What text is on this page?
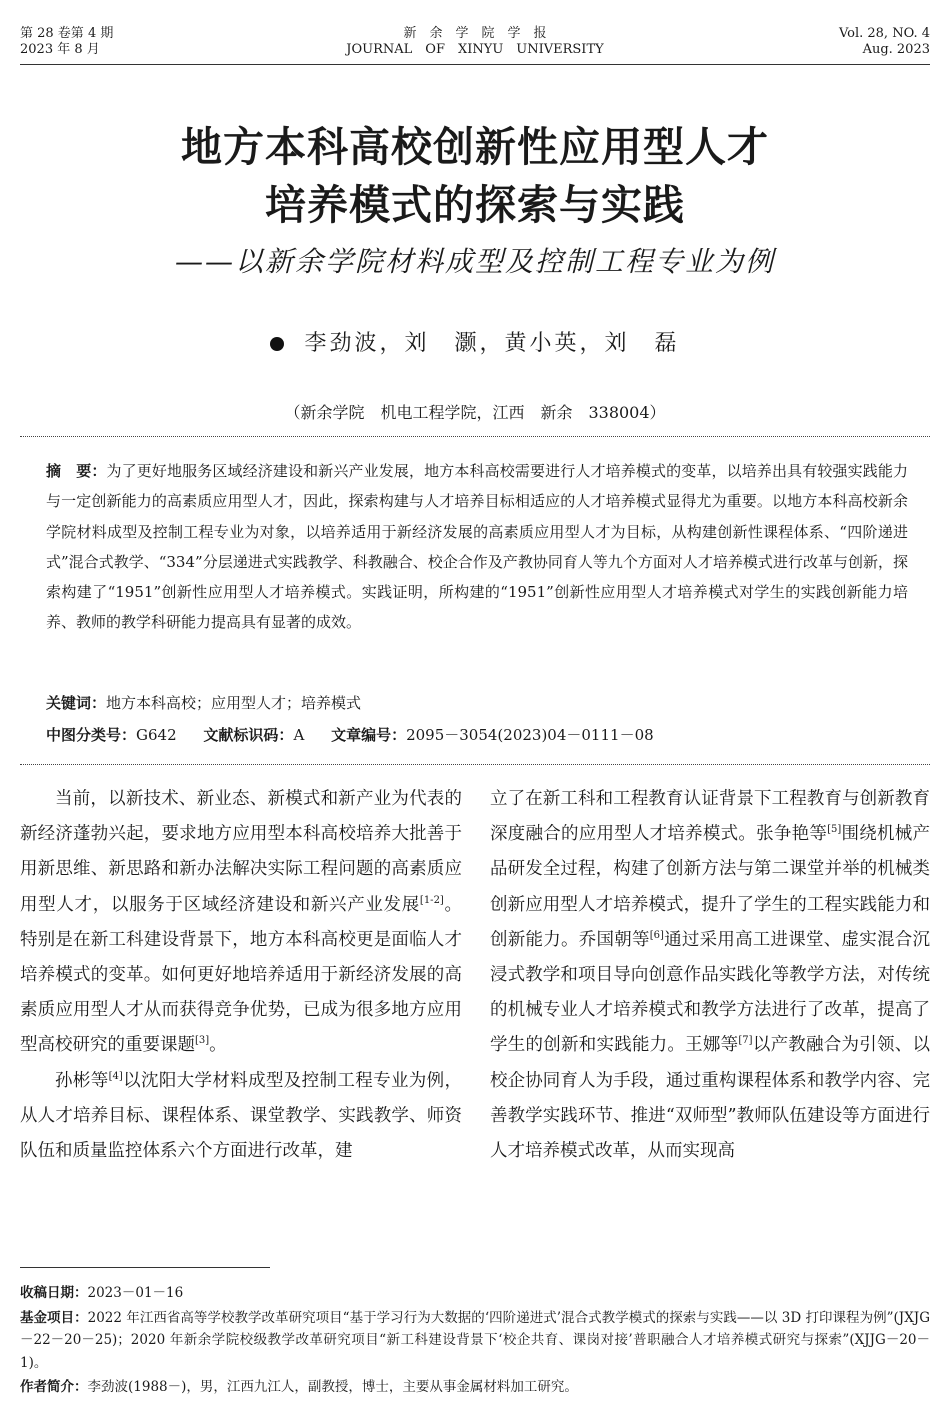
第 28 卷第 4 期
2023 年 8 月
新　余　学　院　学　报
JOURNAL　OF　XINYU　UNIVERSITY
Vol. 28, NO. 4
Aug. 2023
地方本科高校创新性应用型人才
培养模式的探索与实践
——以新余学院材料成型及控制工程专业为例
李劲波，刘　灏，黄小英，刘　磊
（新余学院　机电工程学院，江西　新余　338004）
摘　要：为了更好地服务区域经济建设和新兴产业发展，地方本科高校需要进行人才培养模式的变革，以培养出具有较强实践能力与一定创新能力的高素质应用型人才，因此，探索构建与人才培养目标相适应的人才培养模式显得尤为重要。以地方本科高校新余学院材料成型及控制工程专业为对象，以培养适用于新经济发展的高素质应用型人才为目标，从构建创新性课程体系、“四阶递进式”混合式教学、“334”分层递进式实践教学、科教融合、校企合作及产教协同育人等九个方面对人才培养模式进行改革与创新，探索构建了“1951”创新性应用型人才培养模式。实践证明，所构建的“1951”创新性应用型人才培养模式对学生的实践创新能力培养、教师的教学科研能力提高具有显著的成效。
关键词：地方本科高校；应用型人才；培养模式
中图分类号：G642 文献标识码：A 文章编号：2095－3054(2023)04－0111－08

当前，以新技术、新业态、新模式和新产业为代表的新经济蓬勃兴起，要求地方应用型本科高校培养大批善于用新思维、新思路和新办法解决实际工程问题的高素质应用型人才，以服务于区域经济建设和新兴产业发展[1-2]。特别是在新工科建设背景下，地方本科高校更是面临人才培养模式的变革。如何更好地培养适用于新经济发展的高素质应用型人才从而获得竞争优势，已成为很多地方应用型高校研究的重要课题[3]。

孙彬等[4]以沈阳大学材料成型及控制工程专业为例，从人才培养目标、课程体系、课堂教学、实践教学、师资队伍和质量监控体系六个方面进行改革，建

立了在新工科和工程教育认证背景下工程教育与创新教育深度融合的应用型人才培养模式。张争艳等[5]围绕机械产品研发全过程，构建了创新方法与第二课堂并举的机械类创新应用型人才培养模式，提升了学生的工程实践能力和创新能力。乔国朝等[6]通过采用高工进课堂、虚实混合沉浸式教学和项目导向创意作品实践化等教学方法，对传统的机械专业人才培养模式和教学方法进行了改革，提高了学生的创新和实践能力。王娜等[7]以产教融合为引领、以校企协同育人为手段，通过重构课程体系和教学内容、完善教学实践环节、推进“双师型”教师队伍建设等方面进行人才培养模式改革，从而实现高

收稿日期：2023－01－16

基金项目：2022 年江西省高等学校教学改革研究项目“基于学习行为大数据的‘四阶递进式’混合式教学模式的探索与实践——以 3D 打印课程为例”(JXJG－22－20－25)；2020 年新余学院校级教学改革研究项目“新工科建设背景下‘校企共育、课岗对接’普职融合人才培养模式研究与探索”(XJJG－20－1)。

作者简介：李劲波(1988－)，男，江西九江人，副教授，博士，主要从事金属材料加工研究。
